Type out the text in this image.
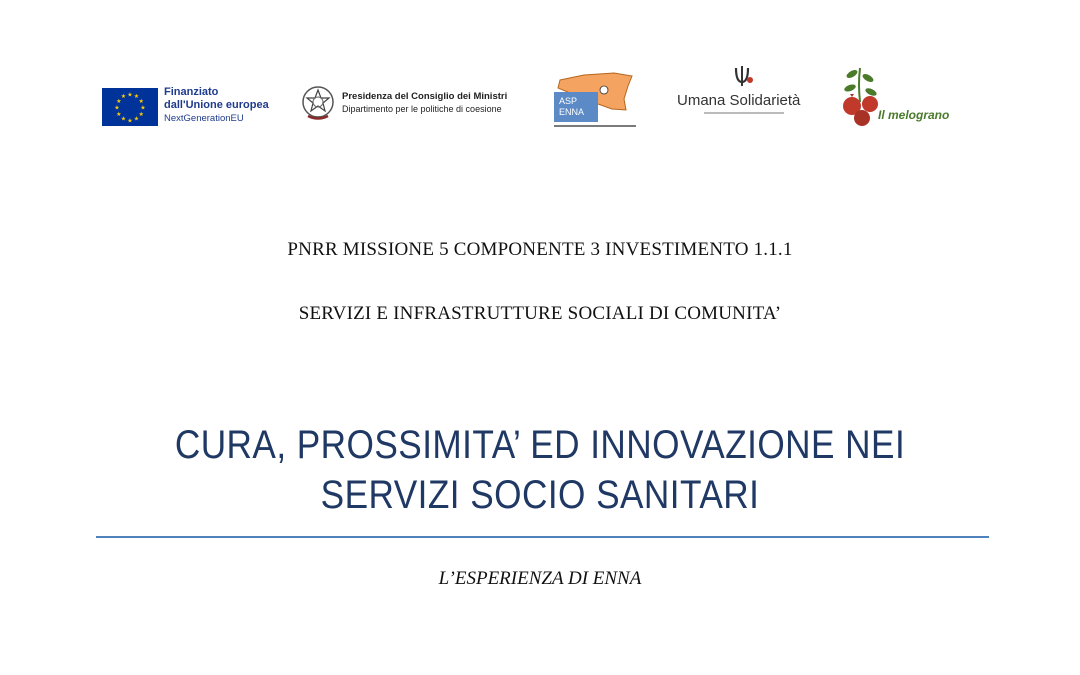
★ ★
★
★
★
★
★
★
★
★
★
★	Finanziato
dall'Unione europea
NextGenerationEU
Presidenza del Consiglio dei Ministri
Dipartimento per le politiche di coesione
ASP
ENNA
Umana Solidarietà
Il melograno

PNRR MISSIONE 5 COMPONENTE 3 INVESTIMENTO 1.1.1

SERVIZI E INFRASTRUTTURE SOCIALI DI COMUNITA’

CURA, PROSSIMITA’ ED INNOVAZIONE NEI
SERVIZI SOCIO SANITARI

L’ESPERIENZA DI ENNA
